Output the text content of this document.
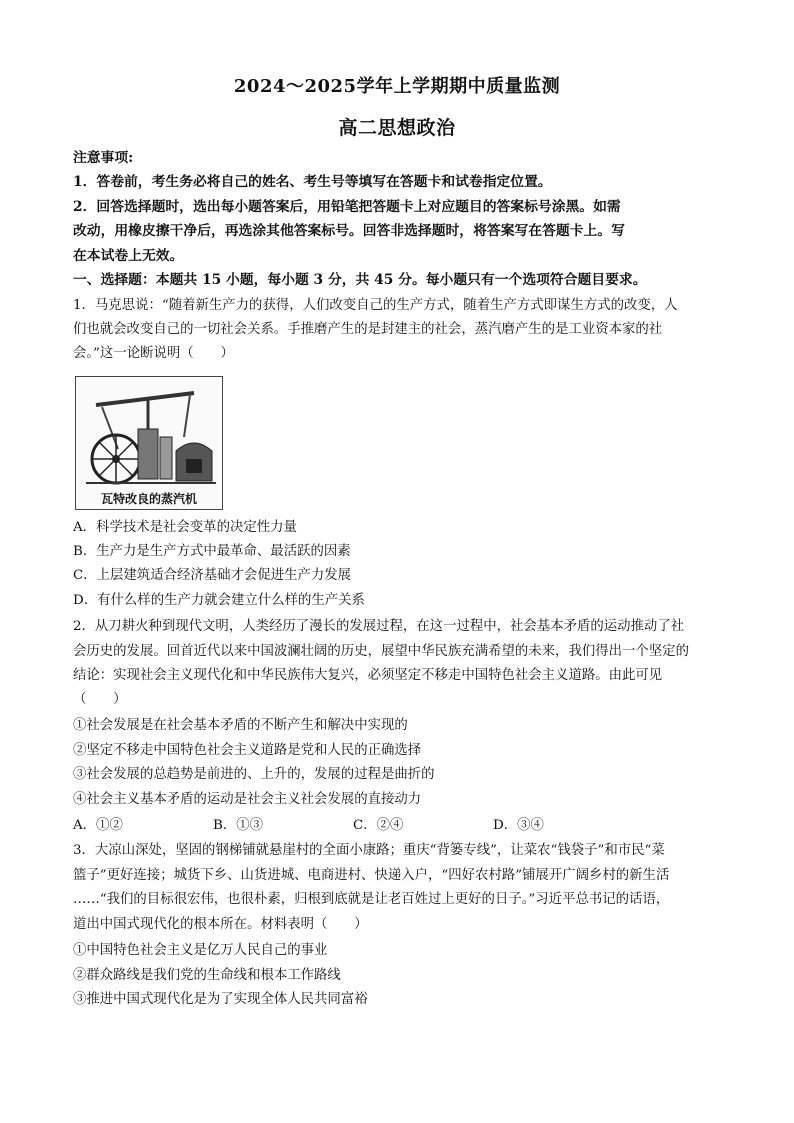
2024～2025学年上学期期中质量监测
高二思想政治
注意事项:
1．答卷前，考生务必将自己的姓名、考生号等填写在答题卡和试卷指定位置。
2．回答选择题时，选出每小题答案后，用铅笔把答题卡上对应题目的答案标号涂黑。如需
改动，用橡皮擦干净后，再选涂其他答案标号。回答非选择题时，将答案写在答题卡上。写
在本试卷上无效。
一、选择题：本题共 15 小题，每小题 3 分，共 45 分。每小题只有一个选项符合题目要求。
1．马克思说：“随着新生产力的获得，人们改变自己的生产方式，随着生产方式即谋生方式的改变，人
们也就会改变自己的一切社会关系。手推磨产生的是封建主的社会，蒸汽磨产生的是工业资本家的社
会。”这一论断说明（　　）
瓦特改良的蒸汽机
A．科学技术是社会变革的决定性力量
B．生产力是生产方式中最革命、最活跃的因素
C．上层建筑适合经济基础才会促进生产力发展
D．有什么样的生产力就会建立什么样的生产关系
2．从刀耕火种到现代文明，人类经历了漫长的发展过程，在这一过程中，社会基本矛盾的运动推动了社
会历史的发展。回首近代以来中国波澜壮阔的历史，展望中华民族充满希望的未来，我们得出一个坚定的
结论：实现社会主义现代化和中华民族伟大复兴，必须坚定不移走中国特色社会主义道路。由此可见
（　　）
①社会发展是在社会基本矛盾的不断产生和解决中实现的
②坚定不移走中国特色社会主义道路是党和人民的正确选择
③社会发展的总趋势是前进的、上升的，发展的过程是曲折的
④社会主义基本矛盾的运动是社会主义社会发展的直接动力
A．①②	B．①③	C．②④	D．③④
3．大凉山深处，坚固的钢梯铺就悬崖村的全面小康路；重庆“背篓专线”，让菜农“钱袋子”和市民“菜
篮子”更好连接；城货下乡、山货进城、电商进村、快递入户，“四好农村路”铺展开广阔乡村的新生活
……“我们的目标很宏伟，也很朴素，归根到底就是让老百姓过上更好的日子。”习近平总书记的话语，
道出中国式现代化的根本所在。材料表明（　　）
①中国特色社会主义是亿万人民自己的事业
②群众路线是我们党的生命线和根本工作路线
③推进中国式现代化是为了实现全体人民共同富裕
